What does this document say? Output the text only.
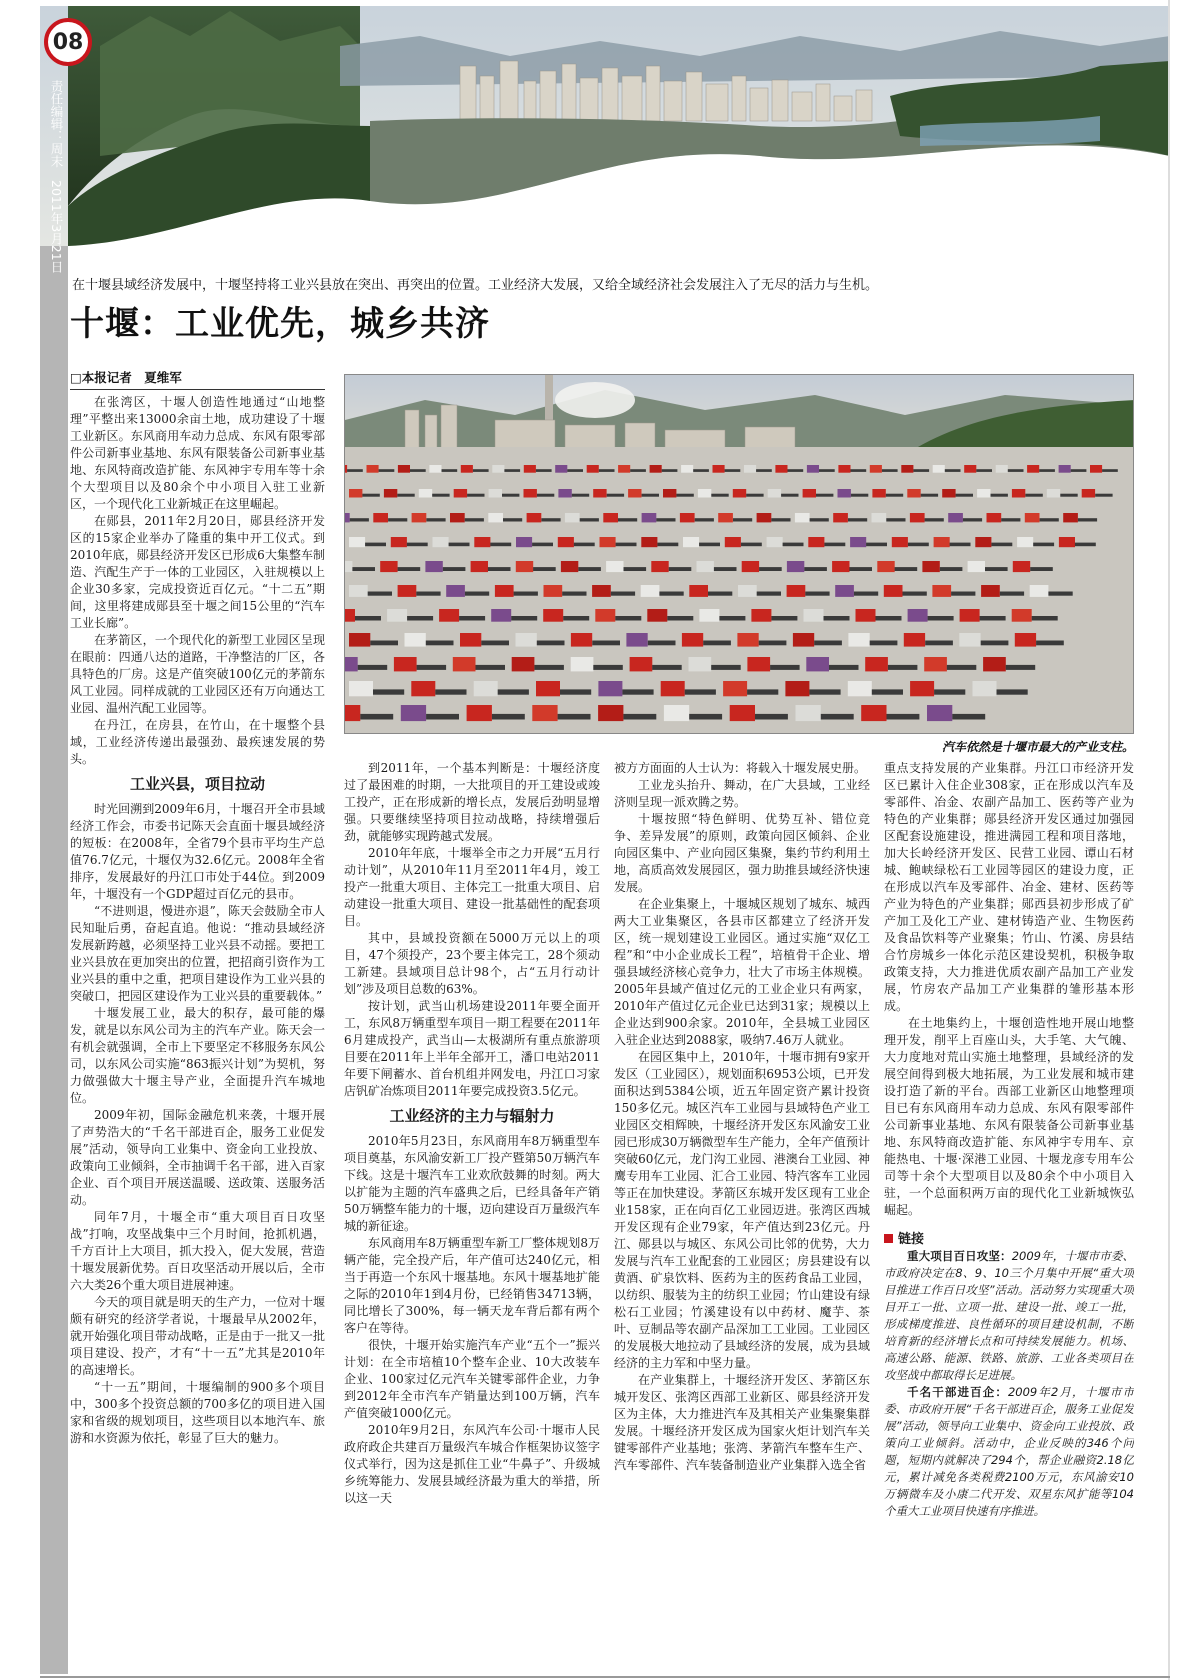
08
责任编辑：周末　2011年3月21日
在十堰县域经济发展中，十堰坚持将工业兴县放在突出、再突出的位置。工业经济大发展，又给全域经济社会发展注入了无尽的活力与生机。
十堰：工业优先，城乡共济
□本报记者　夏维军
汽车依然是十堰市最大的产业支柱。

在张湾区，十堰人创造性地通过“山地整理”平整出来13000余亩土地，成功建设了十堰工业新区。东风商用车动力总成、东风有限零部件公司新事业基地、东风有限装备公司新事业基地、东风特商改造扩能、东风神宇专用车等十余个大型项目以及80余个中小项目入驻工业新区，一个现代化工业新城正在这里崛起。

在郧县，2011年2月20日，郧县经济开发区的15家企业举办了隆重的集中开工仪式。到2010年底，郧县经济开发区已形成6大集整车制造、汽配生产于一体的工业园区，入驻规模以上企业30多家，完成投资近百亿元。“十二五”期间，这里将建成郧县至十堰之间15公里的“汽车工业长廊”。

在茅箭区，一个现代化的新型工业园区呈现在眼前：四通八达的道路，干净整洁的厂区，各具特色的厂房。这是产值突破100亿元的茅箭东风工业园。同样成就的工业园区还有万向通达工业园、温州汽配工业园等。

在丹江，在房县，在竹山，在十堰整个县域，工业经济传递出最强劲、最疾速发展的势头。

工业兴县，项目拉动

时光回溯到2009年6月，十堰召开全市县域经济工作会，市委书记陈天会直面十堰县域经济的短板：在2008年，全省79个县市平均生产总值76.7亿元，十堰仅为32.6亿元。2008年全省排序，发展最好的丹江口市处于44位。到2009年，十堰没有一个GDP超过百亿元的县市。

“不进则退，慢进亦退”，陈天会鼓励全市人民知耻后勇，奋起直追。他说：“推动县域经济发展新跨越，必须坚持工业兴县不动摇。要把工业兴县放在更加突出的位置，把招商引资作为工业兴县的重中之重，把项目建设作为工业兴县的突破口，把园区建设作为工业兴县的重要载体。”

十堰发展工业，最大的积存，最可能的爆发，就是以东风公司为主的汽车产业。陈天会一有机会就强调，全市上下要坚定不移服务东风公司，以东风公司实施“863振兴计划”为契机，努力做强做大十堰主导产业，全面提升汽车城地位。

2009年初，国际金融危机来袭，十堰开展了声势浩大的“千名干部进百企，服务工业促发展”活动，领导向工业集中、资金向工业投放、政策向工业倾斜，全市抽调千名干部，进入百家企业、百个项目开展送温暖、送政策、送服务活动。

同年7月，十堰全市“重大项目百日攻坚战”打响，攻坚战集中三个月时间，抢抓机遇，千方百计上大项目，抓大投入，促大发展，营造十堰发展新优势。百日攻坚活动开展以后，全市六大类26个重大项目进展神速。

今天的项目就是明天的生产力，一位对十堰颇有研究的经济学者说，十堰最早从2002年，就开始强化项目带动战略，正是由于一批又一批项目建设、投产，才有“十一五”尤其是2010年的高速增长。

“十一五”期间，十堰编制的900多个项目中，300多个投资总额的700多亿的项目进入国家和省级的规划项目，这些项目以本地汽车、旅游和水资源为依托，彰显了巨大的魅力。

到2011年，一个基本判断是：十堰经济度过了最困难的时期，一大批项目的开工建设或竣工投产，正在形成新的增长点，发展后劲明显增强。只要继续坚持项目拉动战略，持续增强后劲，就能够实现跨越式发展。

2010年年底，十堰举全市之力开展“五月行动计划”，从2010年11月至2011年4月，竣工投产一批重大项目、主体完工一批重大项目、启动建设一批重大项目、建设一批基础性的配套项目。

其中，县域投资额在5000万元以上的项目，47个须投产，23个要主体完工，28个须动工新建。县域项目总计98个，占“五月行动计划”涉及项目总数的63%。

按计划，武当山机场建设2011年要全面开工，东风8万辆重型车项目一期工程要在2011年6月建成投产，武当山—太极湖所有重点旅游项目要在2011年上半年全部开工，潘口电站2011年要下闸蓄水、首台机组并网发电，丹江口习家店钒矿冶炼项目2011年要完成投资3.5亿元。

工业经济的主力与辐射力

2010年5月23日，东风商用车8万辆重型车项目奠基，东风渝安新工厂投产暨第50万辆汽车下线。这是十堰汽车工业欢欣鼓舞的时刻。两大以扩能为主题的汽车盛典之后，已经具备年产销50万辆整车能力的十堰，迈向建设百万量级汽车城的新征途。

东风商用车8万辆重型车新工厂整体规划8万辆产能，完全投产后，年产值可达240亿元，相当于再造一个东风十堰基地。东风十堰基地扩能之际的2010年1到4月份，已经销售34713辆，同比增长了300%，每一辆天龙车背后都有两个客户在等待。

很快，十堰开始实施汽车产业“五个一”振兴计划：在全市培植10个整车企业、10大改装车企业、100家过亿元汽车关键零部件企业，力争到2012年全市汽车产销量达到100万辆，汽车产值突破1000亿元。

2010年9月2日，东风汽车公司·十堰市人民政府政企共建百万量级汽车城合作框架协议签字仪式举行，因为这是抓住工业“牛鼻子”、升级城乡统筹能力、发展县域经济最为重大的举措，所以这一天

被方方面面的人士认为：将载入十堰发展史册。

工业龙头抬升、舞动，在广大县域，工业经济则呈现一派欢腾之势。

十堰按照“特色鲜明、优势互补、错位竞争、差异发展”的原则，政策向园区倾斜、企业向园区集中、产业向园区集聚，集约节约利用土地，高质高效发展园区，强力助推县域经济快速发展。

在企业集聚上，十堰城区规划了城东、城西两大工业集聚区，各县市区都建立了经济开发区，统一规划建设工业园区。通过实施“双亿工程”和“中小企业成长工程”，培植骨干企业、增强县域经济核心竞争力，壮大了市场主体规模。2005年县域产值过亿元的工业企业只有两家，2010年产值过亿元企业已达到31家；规模以上企业达到900余家。2010年，全县城工业园区入驻企业达到2088家，吸纳7.46万人就业。

在园区集中上，2010年，十堰市拥有9家开发区（工业园区），规划面积6953公顷，已开发面积达到5384公顷，近五年固定资产累计投资150多亿元。城区汽车工业园与县域特色产业工业园区交相辉映，十堰经济开发区东风渝安工业园已形成30万辆微型车生产能力，全年产值预计突破60亿元，龙门沟工业园、港澳台工业园、神鹰专用车工业园、汇合工业园、特汽客车工业园等正在加快建设。茅箭区东城开发区现有工业企业158家，正在向百亿工业园迈进。张湾区西城开发区现有企业79家，年产值达到23亿元。丹江、郧县以与城区、东风公司比邻的优势，大力发展与汽车工业配套的工业园区；房县建设有以黄酒、矿泉饮料、医药为主的医药食品工业园，以纺织、服装为主的纺织工业园；竹山建设有绿松石工业园；竹溪建设有以中药材、魔芋、茶叶、豆制品等农副产品深加工工业园。工业园区的发展极大地拉动了县域经济的发展，成为县域经济的主力军和中坚力量。

在产业集群上，十堰经济开发区、茅箭区东城开发区、张湾区西部工业新区、郧县经济开发区为主体，大力推进汽车及其相关产业集聚集群发展。十堰经济开发区成为国家火炬计划汽车关键零部件产业基地；张湾、茅箭汽车整车生产、汽车零部件、汽车装备制造业产业集群入选全省

重点支持发展的产业集群。丹江口市经济开发区已累计入住企业308家，正在形成以汽车及零部件、冶金、农副产品加工、医药等产业为特色的产业集群；郧县经济开发区通过加强园区配套设施建设，推进满园工程和项目落地，加大长岭经济开发区、民营工业园、谭山石材城、鲍峡绿松石工业园等园区的建设力度，正在形成以汽车及零部件、冶金、建材、医药等产业为特色的产业集群；郧西县初步形成了矿产加工及化工产业、建材铸造产业、生物医药及食品饮料等产业聚集；竹山、竹溪、房县结合竹房城乡一体化示范区建设契机，积极争取政策支持，大力推进优质农副产品加工产业发展，竹房农产品加工产业集群的雏形基本形成。

在土地集约上，十堰创造性地开展山地整理开发，削平上百座山头，大手笔、大气魄、大力度地对荒山实施土地整理，县域经济的发展空间得到极大地拓展，为工业发展和城市建设打造了新的平台。西部工业新区山地整理项目已有东风商用车动力总成、东风有限零部件公司新事业基地、东风有限装备公司新事业基地、东风特商改造扩能、东风神宇专用车、京能热电、十堰·深港工业园、十堰龙彦专用车公司等十余个大型项目以及80余个中小项目入驻，一个总面积两万亩的现代化工业新城恢弘崛起。

链接

重大项目百日攻坚：2009年，十堰市市委、市政府决定在8、9、10三个月集中开展“重大项目推进工作百日攻坚”活动。活动努力实现重大项目开工一批、立项一批、建设一批、竣工一批，形成梯度推进、良性循环的项目建设机制，不断培育新的经济增长点和可持续发展能力。机场、高速公路、能源、铁路、旅游、工业各类项目在攻坚战中都取得长足进展。

千名干部进百企：2009年2月，十堰市市委、市政府开展“千名干部进百企，服务工业促发展”活动，领导向工业集中、资金向工业投放、政策向工业倾斜。活动中，企业反映的346个问题，短期内就解决了294个，帮企业融资2.18亿元，累计减免各类税费2100万元，东风渝安10万辆微车及小康二代开发、双星东风扩能等104个重大工业项目快速有序推进。
